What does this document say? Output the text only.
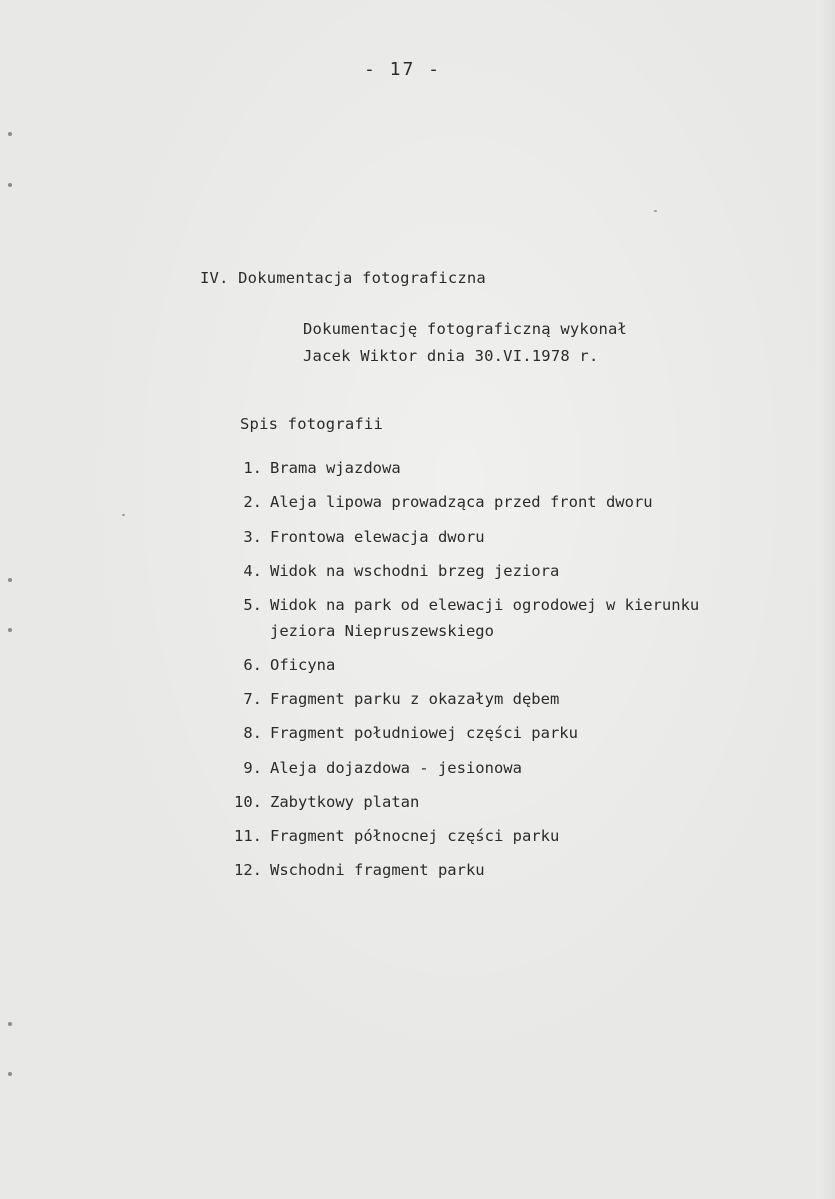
- 17 -
IV. Dokumentacja fotograficzna
Dokumentację fotograficzną wykonał
Jacek Wiktor dnia 30.VI.1978 r.
Spis fotografii
1. Brama wjazdowa
2. Aleja lipowa prowadząca przed front dworu
3. Frontowa elewacja dworu
4. Widok na wschodni brzeg jeziora
5. Widok na park od elewacji ogrodowej w kierunku
jeziora Niepruszewskiego
6. Oficyna
7. Fragment parku z okazałym dębem
8. Fragment południowej części parku
9. Aleja dojazdowa - jesionowa
10. Zabytkowy platan
11. Fragment północnej części parku
12. Wschodni fragment parku
